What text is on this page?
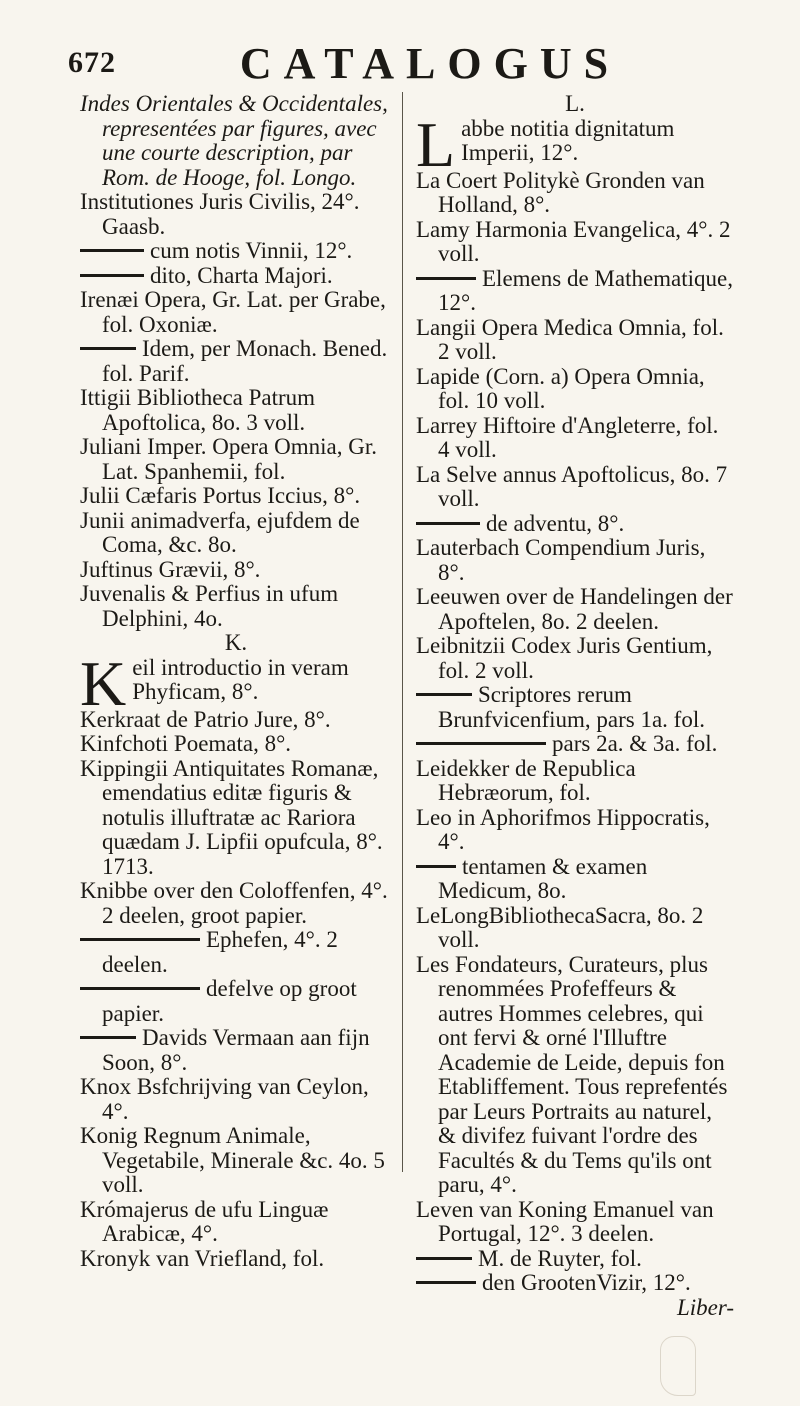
672	CATALOGUS
Indes Orientales & Occidentales, representées par figures, avec une courte description, par Rom. de Hooge, fol. Longo.
Institutiones Juris Civilis, 24°. Gaasb.
cum notis Vinnii, 12°.
dito, Charta Majori.
Irenæi Opera, Gr. Lat. per Grabe, fol. Oxoniæ.
Idem, per Monach. Bened. fol. Parif.
Ittigii Bibliotheca Patrum Apoftolica, 8o. 3 voll.
Juliani Imper. Opera Omnia, Gr. Lat. Spanhemii, fol.
Julii Cæfaris Portus Iccius, 8°.
Junii animadverfa, ejufdem de Coma, &c. 8o.
Juftinus Grævii, 8°.
Juvenalis & Perfius in ufum Delphini, 4o.
K.
Keil introductio in veram Phyficam, 8°.
Kerkraat de Patrio Jure, 8°.
Kinfchoti Poemata, 8°.
Kippingii Antiquitates Romanæ, emendatius editæ figuris & notulis illuftratæ ac Rariora quædam J. Lipfii opufcula, 8°. 1713.
Knibbe over den Coloffenfen, 4°. 2 deelen, groot papier.
Ephefen, 4°. 2 deelen.
defelve op groot papier.
Davids Vermaan aan fijn Soon, 8°.
Knox Bsfchrijving van Ceylon, 4°.
Konig Regnum Animale, Vegetabile, Minerale &c. 4o. 5 voll.
Krómajerus de ufu Linguæ Arabicæ, 4°.
Kronyk van Vriefland, fol.
L.
Labbe notitia dignitatum Imperii, 12°.
La Coert Politykè Gronden van Holland, 8°.
Lamy Harmonia Evangelica, 4°. 2 voll.
Elemens de Mathematique, 12°.
Langii Opera Medica Omnia, fol. 2 voll.
Lapide (Corn. a) Opera Omnia, fol. 10 voll.
Larrey Hiftoire d'Angleterre, fol. 4 voll.
La Selve annus Apoftolicus, 8o. 7 voll.
de adventu, 8°.
Lauterbach Compendium Juris, 8°.
Leeuwen over de Handelingen der Apoftelen, 8o. 2 deelen.
Leibnitzii Codex Juris Gentium, fol. 2 voll.
Scriptores rerum Brunfvicenfium, pars 1a. fol.
pars 2a. & 3a. fol.
Leidekker de Republica Hebræorum, fol.
Leo in Aphorifmos Hippocratis, 4°.
tentamen & examen Medicum, 8o.
LeLongBibliothecaSacra, 8o. 2 voll.
Les Fondateurs, Curateurs, plus renommées Profeffeurs & autres Hommes celebres, qui ont fervi & orné l'Illuftre Academie de Leide, depuis fon Etabliffement. Tous reprefentés par Leurs Portraits au naturel, & divifez fuivant l'ordre des Facultés & du Tems qu'ils ont paru, 4°.
Leven van Koning Emanuel van Portugal, 12°. 3 deelen.
M. de Ruyter, fol.
den GrootenVizir, 12°.
Liber-
